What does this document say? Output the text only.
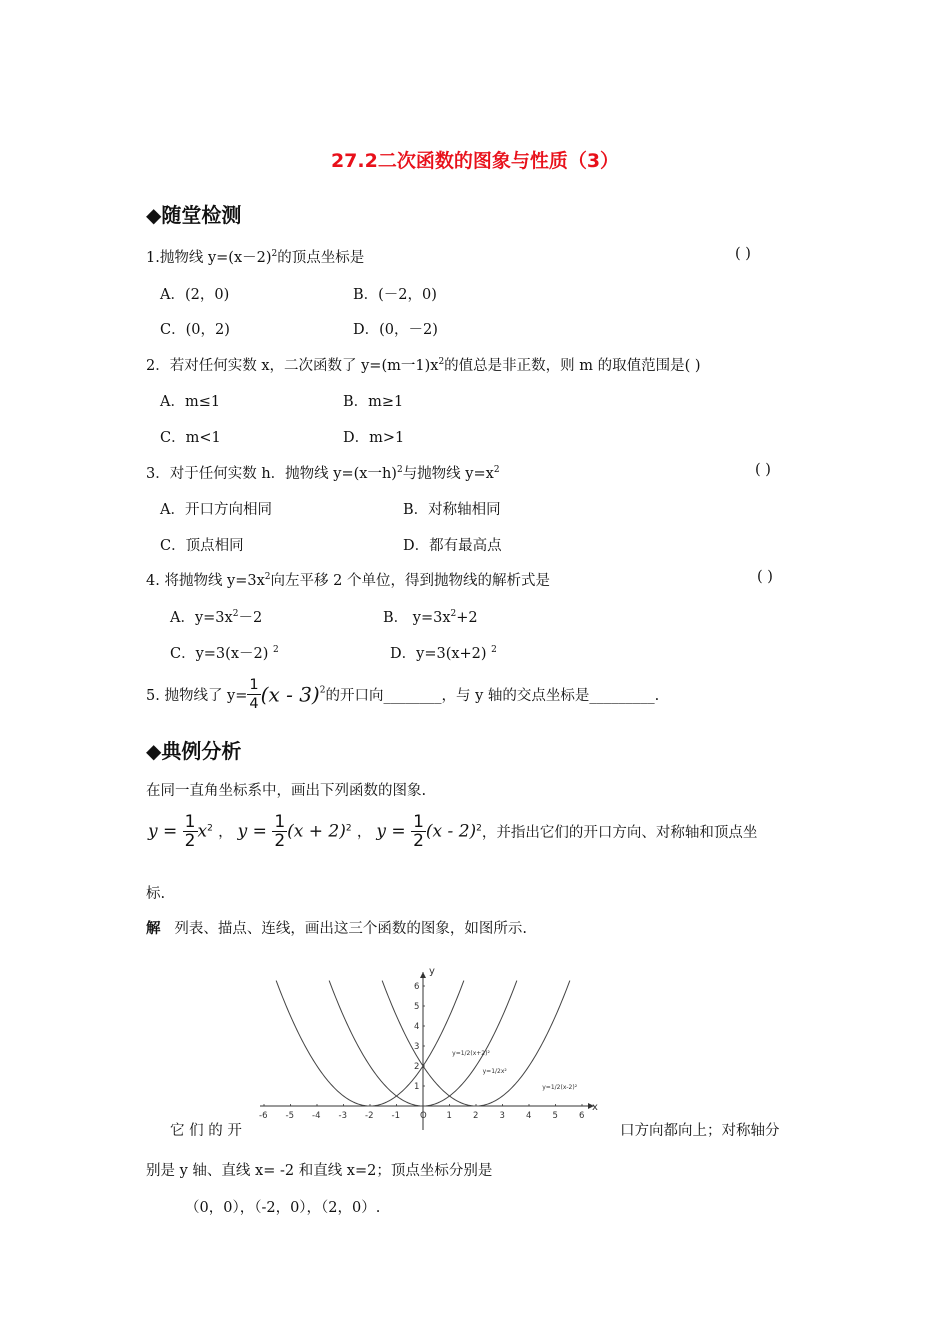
27.2二次函数的图象与性质（3）
◆随堂检测
1.抛物线 $y=(x-2)^2$的顶点坐标是	( )
A．(2，0)	B．(－2，0)
C．(0，2)	D．(0，－2)
2．若对任何实数 x，二次函数了 y=(m一$1)x^2$的值总是非正数，则 m 的取值范围是( )
A．m≤1	B．m≥1
C．m<1	D．m>1
3．对于任何实数 h．抛物线 y=(x一h)$^2$与抛物线 $y=x^2$	( )
A．开口方向相同	B．对称轴相同
C．顶点相同	D．都有最高点
4. 将抛物线 $y=3x^2$向左平移 2 个单位，得到抛物线的解析式是	( )
A．$y=3x^2-2$	B． $y=3x^2+2$
C．y=3(x－2) $^2$	D．y=3(x+2) $^2$
5. 抛物线了 $y= \frac{1}{4} (x - 3)^2$的开口向________，与 y 轴的交点坐标是_________.
◆典例分析
在同一直角坐标系中，画出下列函数的图象.
$y = \frac{1}{2} x^2$ ， $y = \frac{1}{2} (x + 2)^2$ ， $y = \frac{1}{2} (x - 2)^2$，并指出它们的开口方向、对称轴和顶点坐
标.
解 列表、描点、连线，画出这三个函数的图象，如图所示.
x
y
-6 -5 -4 -3 -2 -1 O 1 2 3 4 5 6
1
2
3
4
5
6
y=1/2(x+2)²
y=1/2x²
y=1/2(x-2)²
它 们 的 开	口方向都向上；对称轴分
别是 y 轴、直线 x= -2 和直线 x=2；顶点坐标分别是
（0，0），（-2，0），（2，0）.
